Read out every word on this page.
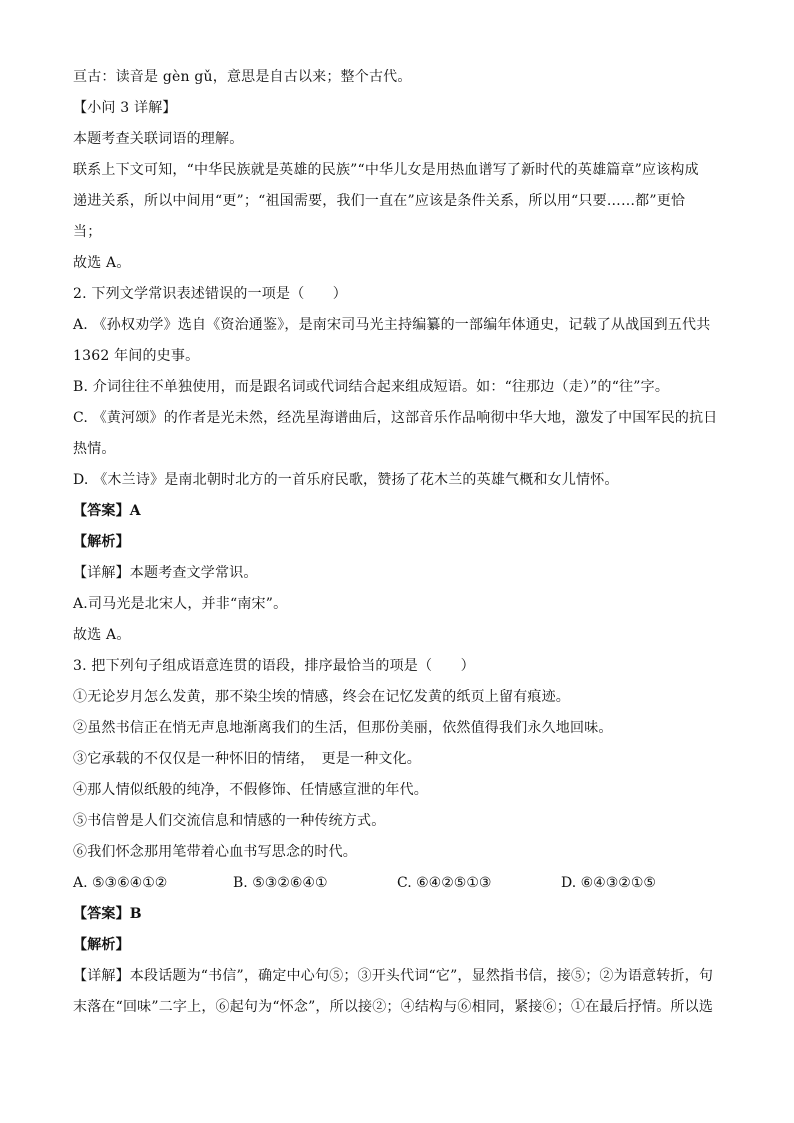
亘古：读音是 gèn gǔ，意思是自古以来；整个古代。
【小问 3 详解】
本题考查关联词语的理解。
联系上下文可知，“中华民族就是英雄的民族”“中华儿女是用热血谱写了新时代的英雄篇章”应该构成
递进关系，所以中间用“更”；“祖国需要，我们一直在”应该是条件关系，所以用“只要……都”更恰
当；
故选 A。
2. 下列文学常识表述错误的一项是（　　）
A. 《孙权劝学》选自《资治通鉴》，是南宋司马光主持编纂的一部编年体通史，记载了从战国到五代共
1362 年间的史事。
B. 介词往往不单独使用，而是跟名词或代词结合起来组成短语。如：“往那边（走）”的“往”字。
C. 《黄河颂》的作者是光未然，经冼星海谱曲后，这部音乐作品响彻中华大地，激发了中国军民的抗日
热情。
D. 《木兰诗》是南北朝时北方的一首乐府民歌，赞扬了花木兰的英雄气概和女儿情怀。
【答案】A
【解析】
【详解】本题考查文学常识。
A.司马光是北宋人，并非“南宋”。
故选 A。
3. 把下列句子组成语意连贯的语段，排序最恰当的项是（　　）
①无论岁月怎么发黄，那不染尘埃的情感，终会在记忆发黄的纸页上留有痕迹。
②虽然书信正在悄无声息地渐离我们的生活，但那份美丽，依然值得我们永久地回味。
③它承载的不仅仅是一种怀旧的情绪，　更是一种文化。
④那人情似纸般的纯净，不假修饰、任情感宣泄的年代。
⑤书信曾是人们交流信息和情感的一种传统方式。
⑥我们怀念那用笔带着心血书写思念的时代。
A. ⑤③⑥④①②	B. ⑤③②⑥④①	C. ⑥④②⑤①③	D. ⑥④③②①⑤
【答案】B
【解析】
【详解】本段话题为“书信”，确定中心句⑤；③开头代词“它”，显然指书信，接⑤；②为语意转折，句
末落在“回味”二字上，⑥起句为“怀念”，所以接②；④结构与⑥相同，紧接⑥；①在最后抒情。所以选
